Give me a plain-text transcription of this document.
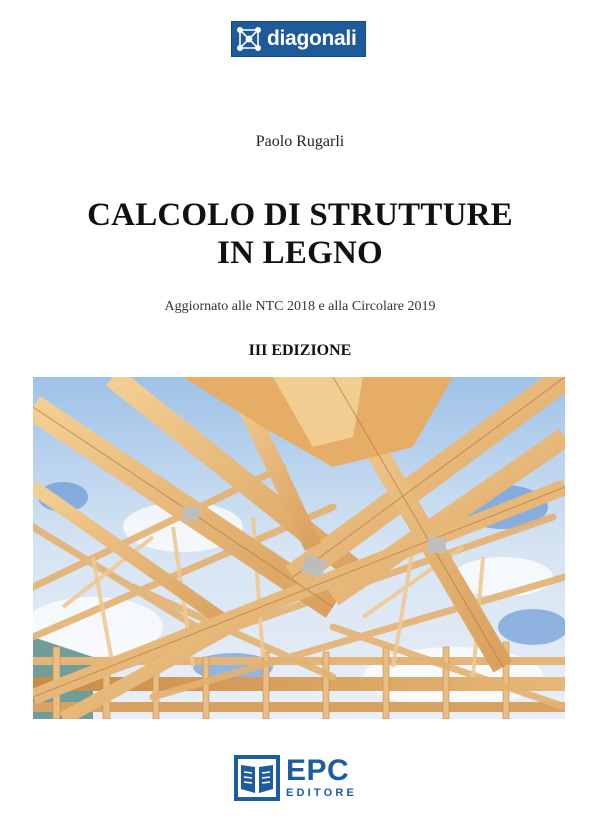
diagonali
Paolo Rugarli
CALCOLO DI STRUTTURE
IN LEGNO
Aggiornato alle NTC 2018 e alla Circolare 2019
III EDIZIONE
EPC
EDITORE
